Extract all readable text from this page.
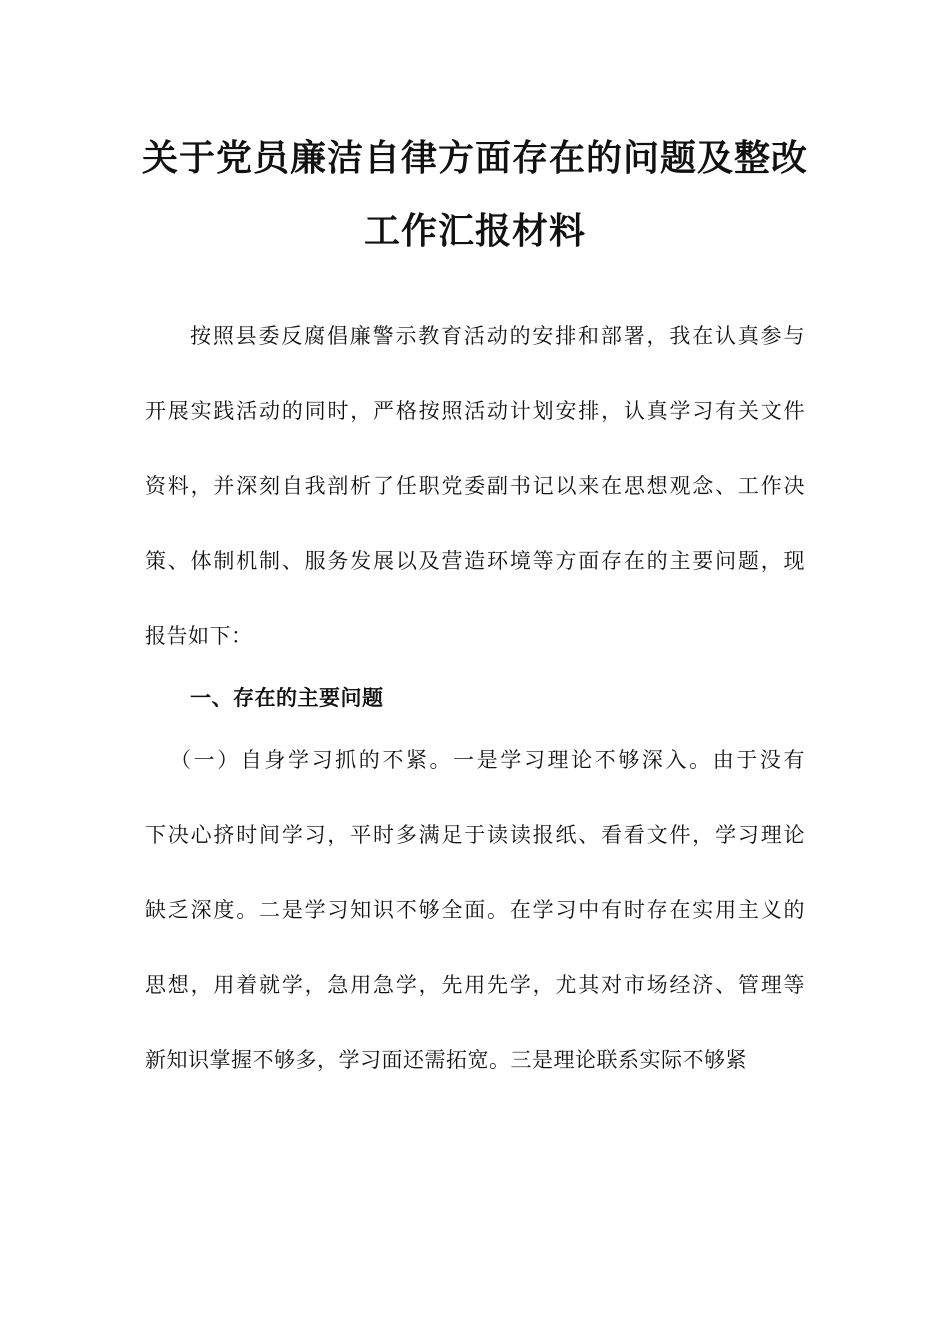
关于党员廉洁自律方面存在的问题及整改
工作汇报材料
按照县委反腐倡廉警示教育活动的安排和部署，我在认真参与
开展实践活动的同时，严格按照活动计划安排，认真学习有关文件
资料，并深刻自我剖析了任职党委副书记以来在思想观念、工作决
策、体制机制、服务发展以及营造环境等方面存在的主要问题，现
报告如下：
一、存在的主要问题
（一）自身学习抓的不紧。一是学习理论不够深入。由于没有
下决心挤时间学习，平时多满足于读读报纸、看看文件，学习理论
缺乏深度。二是学习知识不够全面。在学习中有时存在实用主义的
思想，用着就学，急用急学，先用先学，尤其对市场经济、管理等
新知识掌握不够多，学习面还需拓宽。三是理论联系实际不够紧
